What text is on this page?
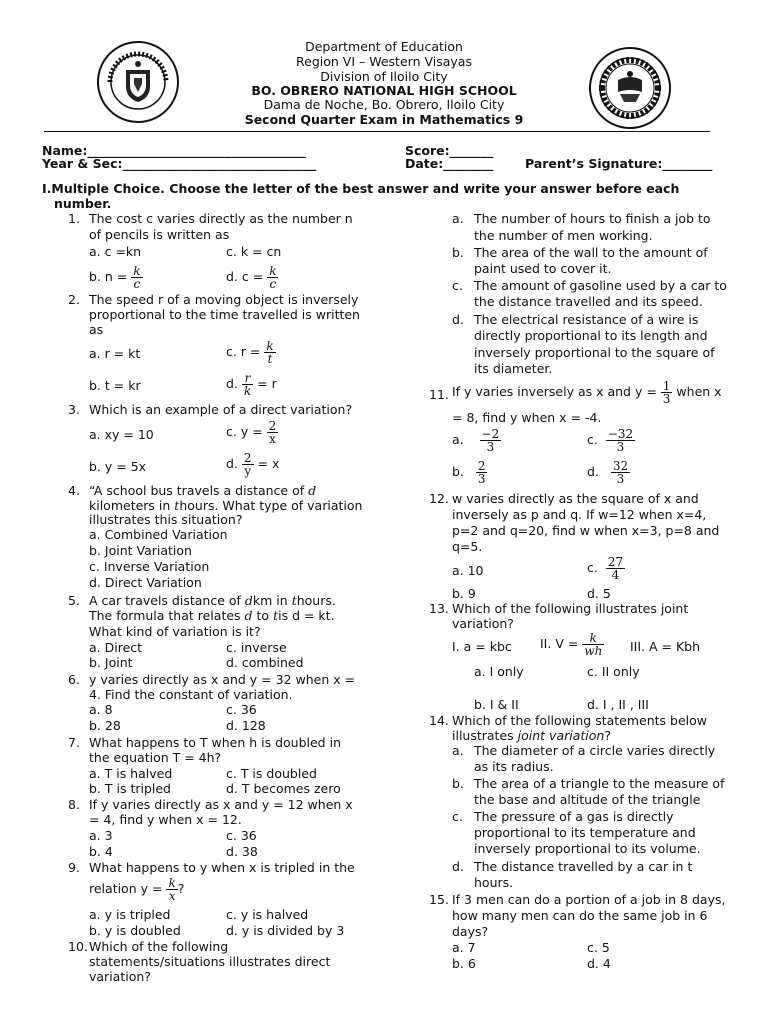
Department of Education
Region VI – Western Visayas
Division of Iloilo City
BO. OBRERO NATIONAL HIGH SCHOOL
Dama de Noche, Bo. Obrero, Iloilo City
Second Quarter Exam in Mathematics 9
Name:___________________________________	Score:_______
Year & Sec:_______________________________	Date:________	Parent’s Signature:________
I.Multiple Choice. Choose the letter of the best answer and write your answer before each
number.
1. The cost c varies directly as the number n
of pencils is written as
a. c =kn	c. k = cn
b. $n = \frac{k}{c}$	d. $c = \frac{k}{c}$
2. The speed r of a moving object is inversely
proportional to the time travelled is written
as
a. r = kt	c. $r = \frac{k}{t}$
b. t = kr	d. $\frac{r}{k} = r$
3. Which is an example of a direct variation?
a. xy = 10	c. $y = \frac{2}{x}$
b. y = 5x	d. $\frac{2}{y} = x$
4. “A school bus travels a distance of d
kilometers in thours. What type of variation
illustrates this situation?
a. Combined Variation
b. Joint Variation
c. Inverse Variation
d. Direct Variation
5. A car travels distance of dkm in thours.
The formula that relates d to tis d = kt.
What kind of variation is it?
a. Direct	c. inverse
b. Joint	d. combined
6. y varies directly as x and y = 32 when x =
4. Find the constant of variation.
a. 8	c. 36
b. 28	d. 128
7. What happens to T when h is doubled in
the equation T = 4h?
a. T is halved	c. T is doubled
b. T is tripled	d. T becomes zero
8. If y varies directly as x and y = 12 when x
= 4, find y when x = 12.
a. 3	c. 36
b. 4	d. 38
9. What happens to y when x is tripled in the
relation $y = \frac{k}{x}$ ?
a. y is tripled	c. y is halved
b. y is doubled	d. y is divided by 3
10. Which of the following
statements/situations illustrates direct
variation?
a. The number of hours to finish a job to
the number of men working.
b. The area of the wall to the amount of
paint used to cover it.
c. The amount of gasoline used by a car to
the distance travelled and its speed.
d. The electrical resistance of a wire is
directly proportional to its length and
inversely proportional to the square of
its diameter.
11. If y varies inversely as x and $y = \frac{1}{3}$ when x
= 8, find y when x = -4.
a. $\frac{-2}{3}$	c. $\frac{-32}{3}$
b. $\frac{2}{3}$	d. $\frac{32}{3}$
12. w varies directly as the square of x and
inversely as p and q. If w=12 when x=4,
p=2 and q=20, find w when x=3, p=8 and
q=5.
a. 10	c. $\frac{27}{4}$
b. 9	d. 5
13. Which of the following illustrates joint
variation?
I. a = kbc II. $V = \frac{k}{wh}$ III. A = Kbh
a. I only	c. II only
b. I & II	d. I , II , III
14. Which of the following statements below
illustrates joint variation?
a. The diameter of a circle varies directly
as its radius.
b. The area of a triangle to the measure of
the base and altitude of the triangle
c. The pressure of a gas is directly
proportional to its temperature and
inversely proportional to its volume.
d. The distance travelled by a car in t
hours.
15. If 3 men can do a portion of a job in 8 days,
how many men can do the same job in 6
days?
a. 7	c. 5
b. 6	d. 4
